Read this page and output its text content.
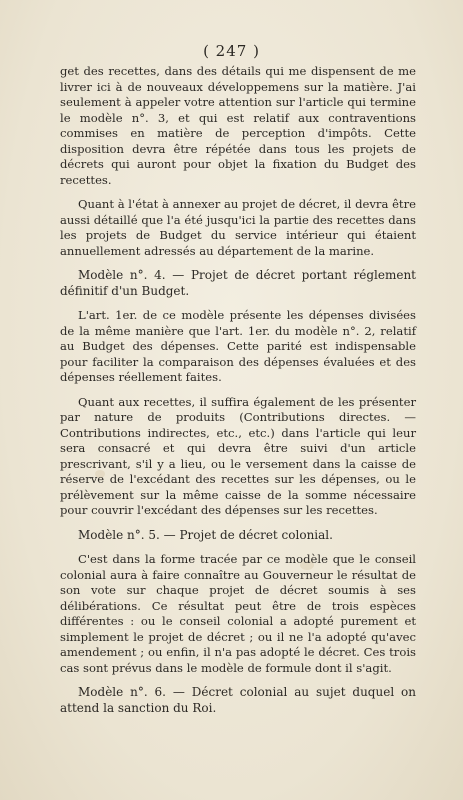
( 247 )

get des recettes, dans des détails qui me dispensent de me livrer ici à de nouveaux développemens sur la matière. J'ai seulement à appeler votre attention sur l'article qui termine le modèle n°. 3, et qui est relatif aux contraventions commises en matière de perception d'impôts. Cette disposition devra être répétée dans tous les projets de décrets qui auront pour objet la fixation du Budget des recettes.

Quant à l'état à annexer au projet de décret, il devra être aussi détaillé que l'a été jusqu'ici la partie des recettes dans les projets de Budget du service intérieur qui étaient annuellement adressés au département de la marine.

Modèle n°. 4. — Projet de décret portant réglement définitif d'un Budget.

L'art. 1er. de ce modèle présente les dépenses divisées de la même manière que l'art. 1er. du modèle n°. 2, relatif au Budget des dépenses. Cette parité est indispensable pour faciliter la comparaison des dépenses évaluées et des dépenses réellement faites.

Quant aux recettes, il suffira également de les présenter par nature de produits (Contributions directes. — Contributions indirectes, etc., etc.) dans l'article qui leur sera consacré et qui devra être suivi d'un article prescrivant, s'il y a lieu, ou le versement dans la caisse de réserve de l'excédant des recettes sur les dépenses, ou le prélèvement sur la même caisse de la somme nécessaire pour couvrir l'excédant des dépenses sur les recettes.

Modèle n°. 5. — Projet de décret colonial.

C'est dans la forme tracée par ce modèle que le conseil colonial aura à faire connaître au Gouverneur le résultat de son vote sur chaque projet de décret soumis à ses délibérations. Ce résultat peut être de trois espèces différentes : ou le conseil colonial a adopté purement et simplement le projet de décret ; ou il ne l'a adopté qu'avec amendement ; ou enfin, il n'a pas adopté le décret. Ces trois cas sont prévus dans le modèle de formule dont il s'agit.

Modèle n°. 6. — Décret colonial au sujet duquel on attend la sanction du Roi.
